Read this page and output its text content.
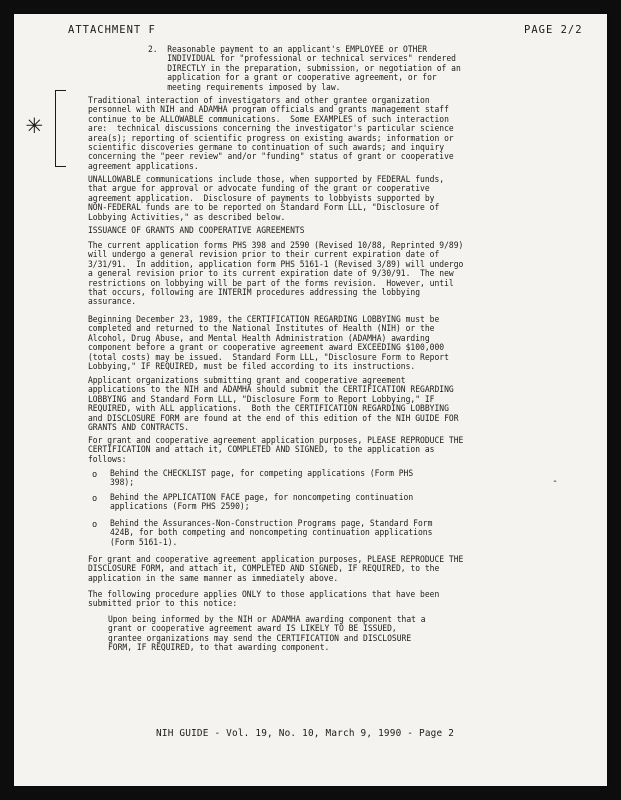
ATTACHMENT F	PAGE 2/2
2.  Reasonable payment to an applicant's EMPLOYEE or OTHER
INDIVIDUAL for "professional or technical services" rendered
DIRECTLY in the preparation, submission, or negotiation of an
application for a grant or cooperative agreement, or for
meeting requirements imposed by law.
✳
Traditional interaction of investigators and other grantee organization
personnel with NIH and ADAMHA program officials and grants management staff
continue to be ALLOWABLE communications.  Some EXAMPLES of such interaction
are:  technical discussions concerning the investigator's particular science
area(s); reporting of scientific progress on existing awards; information or
scientific discoveries germane to continuation of such awards; and inquiry
concerning the "peer review" and/or "funding" status of grant or cooperative
agreement applications.
UNALLOWABLE communications include those, when supported by FEDERAL funds,
that argue for approval or advocate funding of the grant or cooperative
agreement application.  Disclosure of payments to lobbyists supported by
NON-FEDERAL funds are to be reported on Standard Form LLL, "Disclosure of
Lobbying Activities," as described below.
ISSUANCE OF GRANTS AND COOPERATIVE AGREEMENTS
The current application forms PHS 398 and 2590 (Revised 10/88, Reprinted 9/89)
will undergo a general revision prior to their current expiration date of
3/31/91.  In addition, application form PHS 5161-1 (Revised 3/89) will undergo
a general revision prior to its current expiration date of 9/30/91.  The new
restrictions on lobbying will be part of the forms revision.  However, until
that occurs, following are INTERIM procedures addressing the lobbying
assurance.
Beginning December 23, 1989, the CERTIFICATION REGARDING LOBBYING must be
completed and returned to the National Institutes of Health (NIH) or the
Alcohol, Drug Abuse, and Mental Health Administration (ADAMHA) awarding
component before a grant or cooperative agreement award EXCEEDING $100,000
(total costs) may be issued.  Standard Form LLL, "Disclosure Form to Report
Lobbying," IF REQUIRED, must be filed according to its instructions.
Applicant organizations submitting grant and cooperative agreement
applications to the NIH and ADAMHA should submit the CERTIFICATION REGARDING
LOBBYING and Standard Form LLL, "Disclosure Form to Report Lobbying," IF
REQUIRED, with ALL applications.  Both the CERTIFICATION REGARDING LOBBYING
and DISCLOSURE FORM are found at the end of this edition of the NIH GUIDE FOR
GRANTS AND CONTRACTS.
For grant and cooperative agreement application purposes, PLEASE REPRODUCE THE
CERTIFICATION and attach it, COMPLETED AND SIGNED, to the application as
follows:
o Behind the CHECKLIST page, for competing applications (Form PHS
398);
o Behind the APPLICATION FACE page, for noncompeting continuation
applications (Form PHS 2590);
o Behind the Assurances-Non-Construction Programs page, Standard Form
424B, for both competing and noncompeting continuation applications
(Form 5161-1).
-
For grant and cooperative agreement application purposes, PLEASE REPRODUCE THE
DISCLOSURE FORM, and attach it, COMPLETED AND SIGNED, IF REQUIRED, to the
application in the same manner as immediately above.
The following procedure applies ONLY to those applications that have been
submitted prior to this notice:
Upon being informed by the NIH or ADAMHA awarding component that a
grant or cooperative agreement award IS LIKELY TO BE ISSUED,
grantee organizations may send the CERTIFICATION and DISCLOSURE
FORM, IF REQUIRED, to that awarding component.
NIH GUIDE - Vol. 19, No. 10, March 9, 1990 - Page 2
